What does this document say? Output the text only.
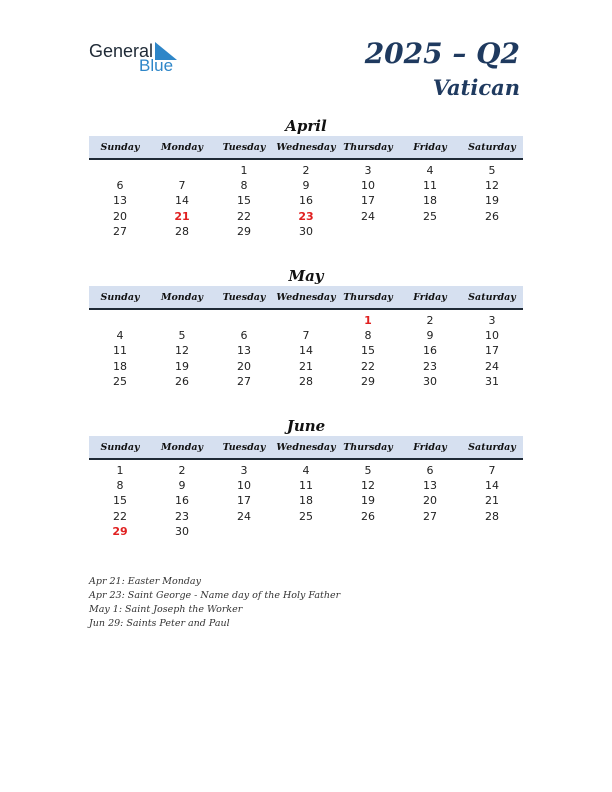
General
Blue	2025 – Q2
Vatican
April
Sunday	Monday	Tuesday	Wednesday	Thursday	Friday	Saturday

		1	2	3	4	5
6	7	8	9	10	11	12
13	14	15	16	17	18	19
20	21	22	23	24	25	26
27	28	29	30			
May
Sunday	Monday	Tuesday	Wednesday	Thursday	Friday	Saturday

				1	2	3
4	5	6	7	8	9	10
11	12	13	14	15	16	17
18	19	20	21	22	23	24
25	26	27	28	29	30	31
June
Sunday	Monday	Tuesday	Wednesday	Thursday	Friday	Saturday

1	2	3	4	5	6	7
8	9	10	11	12	13	14
15	16	17	18	19	20	21
22	23	24	25	26	27	28
29	30					
Apr 21: Easter Monday
Apr 23: Saint George - Name day of the Holy Father
May 1: Saint Joseph the Worker
Jun 29: Saints Peter and Paul
